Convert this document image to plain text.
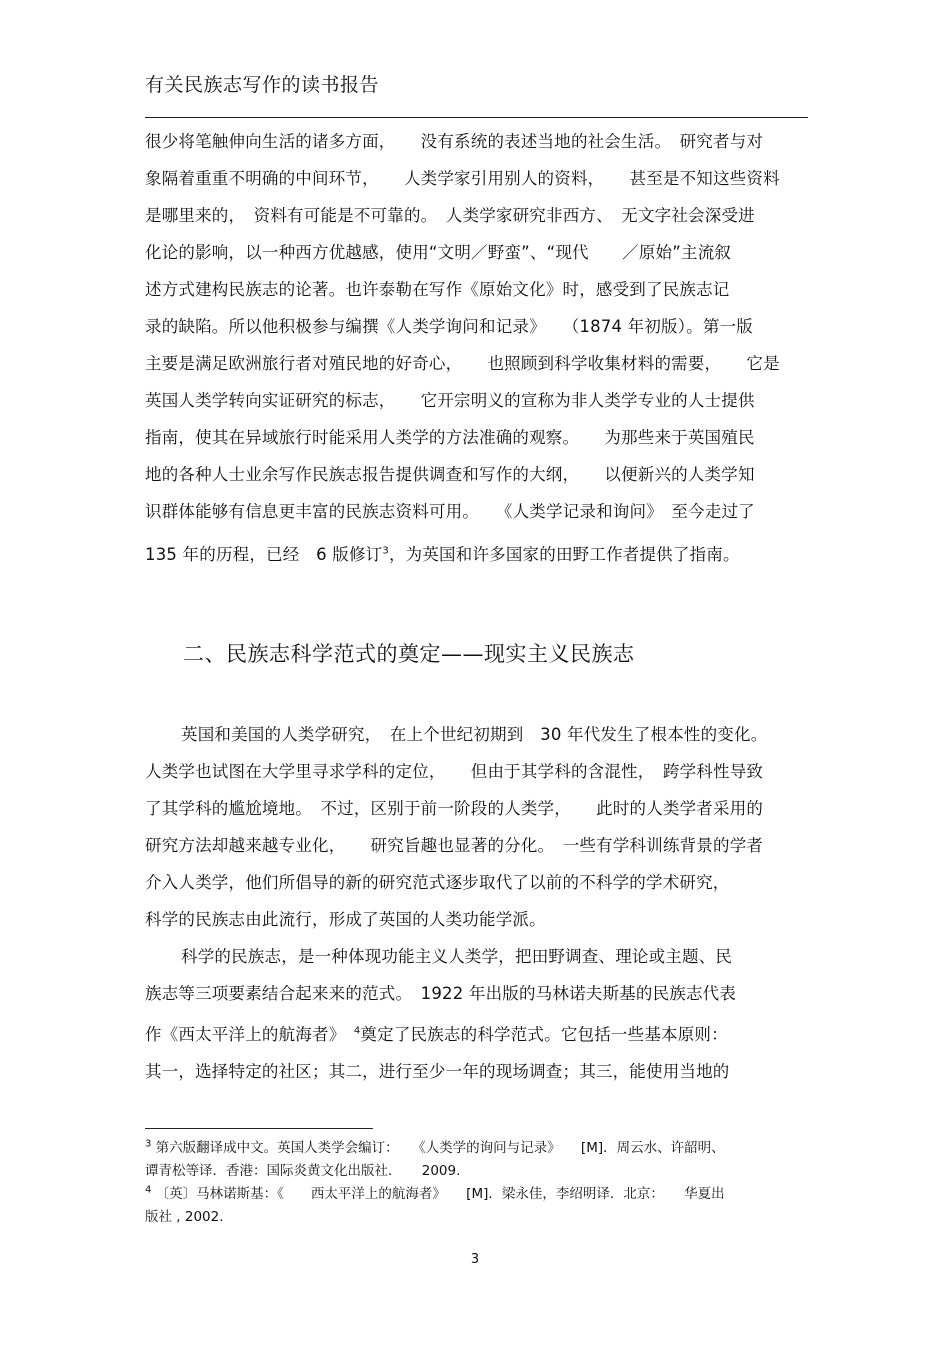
有关民族志写作的读书报告
很少将笔触伸向生活的诸多方面，　　没有系统的表述当地的社会生活。　研究者与对
象隔着重重不明确的中间环节，　　人类学家引用别人的资料，　　甚至是不知这些资料
是哪里来的，　资料有可能是不可靠的。　人类学家研究非西方、　无文字社会深受进
化论的影响，以一种西方优越感，使用“文明／野蛮”、“现代　　／原始”主流叙
述方式建构民族志的论著。也许泰勒在写作《原始文化》时，感受到了民族志记
录的缺陷。所以他积极参与编撰《人类学询问和记录》　　（1874 年初版）。第一版
主要是满足欧洲旅行者对殖民地的好奇心，　　也照顾到科学收集材料的需要，　　它是
英国人类学转向实证研究的标志，　　它开宗明义的宣称为非人类学专业的人士提供
指南，使其在异域旅行时能采用人类学的方法准确的观察。　　为那些来于英国殖民
地的各种人士业余写作民族志报告提供调查和写作的大纲，　　以便新兴的人类学知
识群体能够有信息更丰富的民族志资料可用。　　《人类学记录和询问》　至今走过了
135 年的历程，已经　6 版修订$^3$，为英国和许多国家的田野工作者提供了指南。
二、民族志科学范式的奠定——现实主义民族志
英国和美国的人类学研究，　在上个世纪初期到　30 年代发生了根本性的变化。
人类学也试图在大学里寻求学科的定位，　　但由于其学科的含混性，　跨学科性导致
了其学科的尴尬境地。　不过，区别于前一阶段的人类学，　　此时的人类学者采用的
研究方法却越来越专业化，　　研究旨趣也显著的分化。　一些有学科训练背景的学者
介入人类学，他们所倡导的新的研究范式逐步取代了以前的不科学的学术研究，
科学的民族志由此流行，形成了英国的人类功能学派。
科学的民族志，是一种体现功能主义人类学，把田野调查、理论或主题、民
族志等三项要素结合起来来的范式。　1922 年出版的马林诺夫斯基的民族志代表
作《西太平洋上的航海者》　$^4$奠定了民族志的科学范式。它包括一些基本原则：
其一，选择特定的社区；其二，进行至少一年的现场调查；其三，能使用当地的
$^3$ 第六版翻译成中文。英国人类学会编订：　　《人类学的询问与记录》　　[M]．周云水、许韶明、
谭青松等译．香港：国际炎黄文化出版社．　　2009.
$^4$ 〔英〕马林诺斯基：《　　西太平洋上的航海者》　　[M]．梁永佳，李绍明译．北京：　　华夏出
版社 , 2002.
3
